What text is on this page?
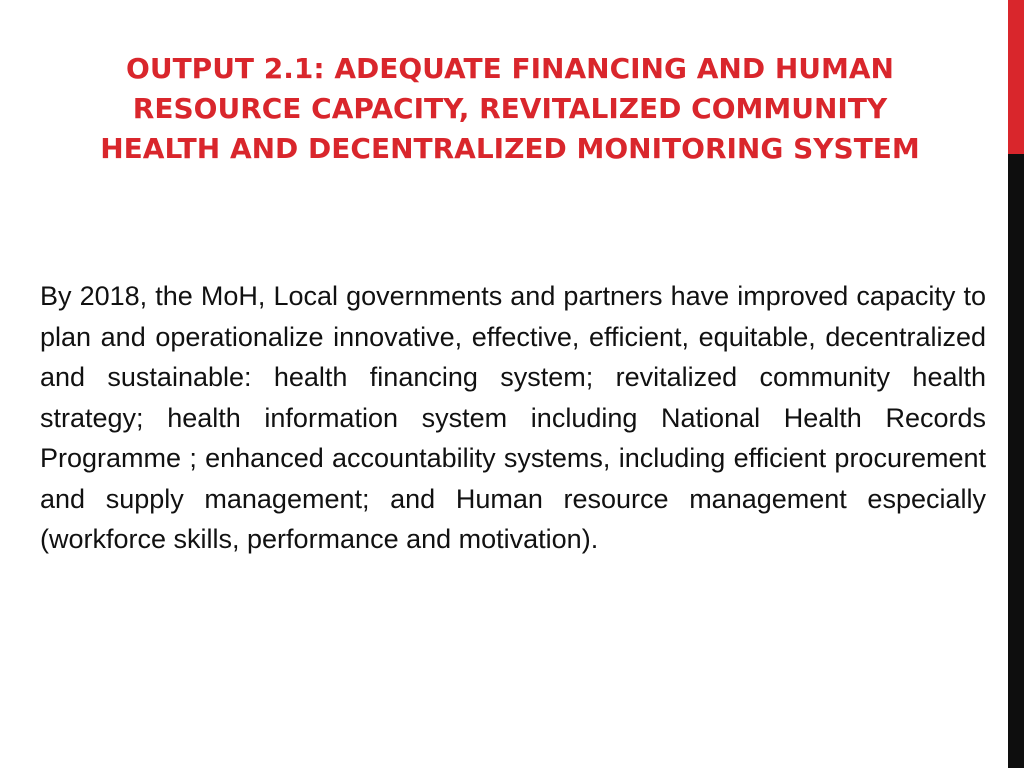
OUTPUT 2.1: ADEQUATE FINANCING AND HUMAN RESOURCE CAPACITY, REVITALIZED COMMUNITY HEALTH AND DECENTRALIZED MONITORING SYSTEM

By 2018, the MoH, Local governments and partners have improved capacity to plan and operationalize innovative, effective, efficient, equitable, decentralized and sustainable: health financing system; revitalized community health strategy; health information system including National Health Records Programme ; enhanced accountability systems, including efficient procurement and supply management; and Human resource management especially (workforce skills, performance and motivation).
